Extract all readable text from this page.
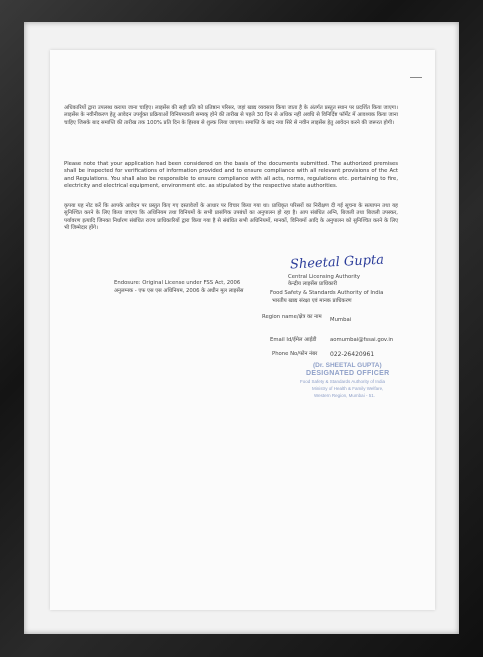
अधिकारियों द्वारा उपलब्ध कराया जाना चाहिए। लाइसेंस की सही प्रति को प्रतिष्ठान परिसर, जहां खाद्य व्यवसाय किया जाता है के अंतर्गत प्रस्तुत स्थान पर प्रदर्शित किया जाएगा। लाइसेंस के नवीनीकरण हेतु आवेदन उपर्युक्त प्रक्रियाओं विनियमावली सम्यक् होने की तारीख से पहले 30 दिन से अधिक नहीं अवधि से विनिर्दिष्ट फॉर्मेट में आवश्यक किया जाना चाहिए जिसके बाद समाप्ति की तारीख तक 100% प्रति दिन के हिसाब से शुल्क लिया जाएगा। समाप्ति के बाद नया सिरे से नवीन लाइसेंस हेतु आवेदन करने की जरूरत होगी।
Please note that your application had been considered on the basis of the documents submitted. The authorized premises shall be inspected for verifications of information provided and to ensure compliance with all relevant provisions of the Act and Regulations. You shall also be responsible to ensure compliance with all acts, norms, regulations etc. pertaining to fire, electricity and electrical equipment, environment etc. as stipulated by the respective state authorities.
कृपया यह नोट करें कि आपके आवेदन पर प्रस्तुत किए गए दस्तावेजों के आधार पर विचार किया गया था। प्राधिकृत परिसरों का निरीक्षण दी गई सूचना के सत्यापन तथा यह सुनिश्चित करने के लिए किया जाएगा कि अधिनियम तथा विनियमों के सभी प्रासंगिक उपबंधों का अनुपालन हो रहा है। आप संबंधित अग्नि, बिजली तथा बिजली उपस्कर, पर्यावरण इत्यादि जिनका निर्धारण संबंधित राज्य प्राधिकारियों द्वारा किया गया है से संबंधित सभी अधिनियमों, मानकों, विनियमों आदि के अनुपालन को सुनिश्चित करने के लिए भी जिम्मेदार होंगे।
Sheetal Gupta
Central Licensing Authority
केन्द्रीय लाइसेंस प्राधिकारी
Food Safety & Standards Authority of India
भारतीय खाद्य संरक्षा एवं मानक प्राधिकरण
Endosure: Original License under FSS Act, 2006
अनुलग्नक - एफ एस एस अधिनियम, 2006 के अधीन मूल लाइसेंस
Region name/क्षेत्र का नाम Mumbai
Email Id/ईमेल आईडी	aomumbai@fssai.gov.in
Phone No/फोन नंबर 022-26420961
(Dr. SHEETAL GUPTA)
DESIGNATED OFFICER
Food Safety & Standards Authority of India
Ministry of Health & Family Welfare,
Western Region, Mumbai - 51.
